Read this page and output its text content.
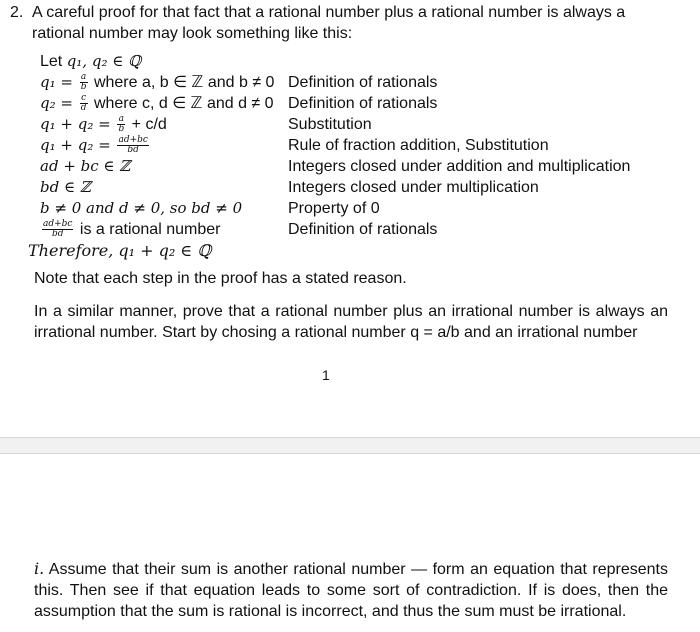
2. A careful proof for that fact that a rational number plus a rational number is always a rational number may look something like this:
Let q₁, q₂ ∈ ℚ
$q_1 = \frac{a}{b}$ where a, b ∈ ℤ and b ≠ 0 Definition of rationals
$q_2 = \frac{c}{d}$ where c, d ∈ ℤ and d ≠ 0 Definition of rationals
$q_1 + q_2 = \frac{a}{b} + c/d$	Substitution
$q_1 + q_2 = \frac{ad+bc}{bd}$	Rule of fraction addition, Substitution
ad + bc ∈ ℤ	Integers closed under addition and multiplication
bd ∈ ℤ	Integers closed under multiplication
b ≠ 0 and d ≠ 0, so bd ≠ 0	Property of 0
$\frac{ad+bc}{bd}$ is a rational number	Definition of rationals
Therefore, q₁ + q₂ ∈ ℚ
Note that each step in the proof has a stated reason.
In a similar manner, prove that a rational number plus an irrational number is always an irrational number. Start by chosing a rational number q = a/b and an irrational number
1
i. Assume that their sum is another rational number — form an equation that represents this. Then see if that equation leads to some sort of contradiction. If is does, then the assumption that the sum is rational is incorrect, and thus the sum must be irrational.
